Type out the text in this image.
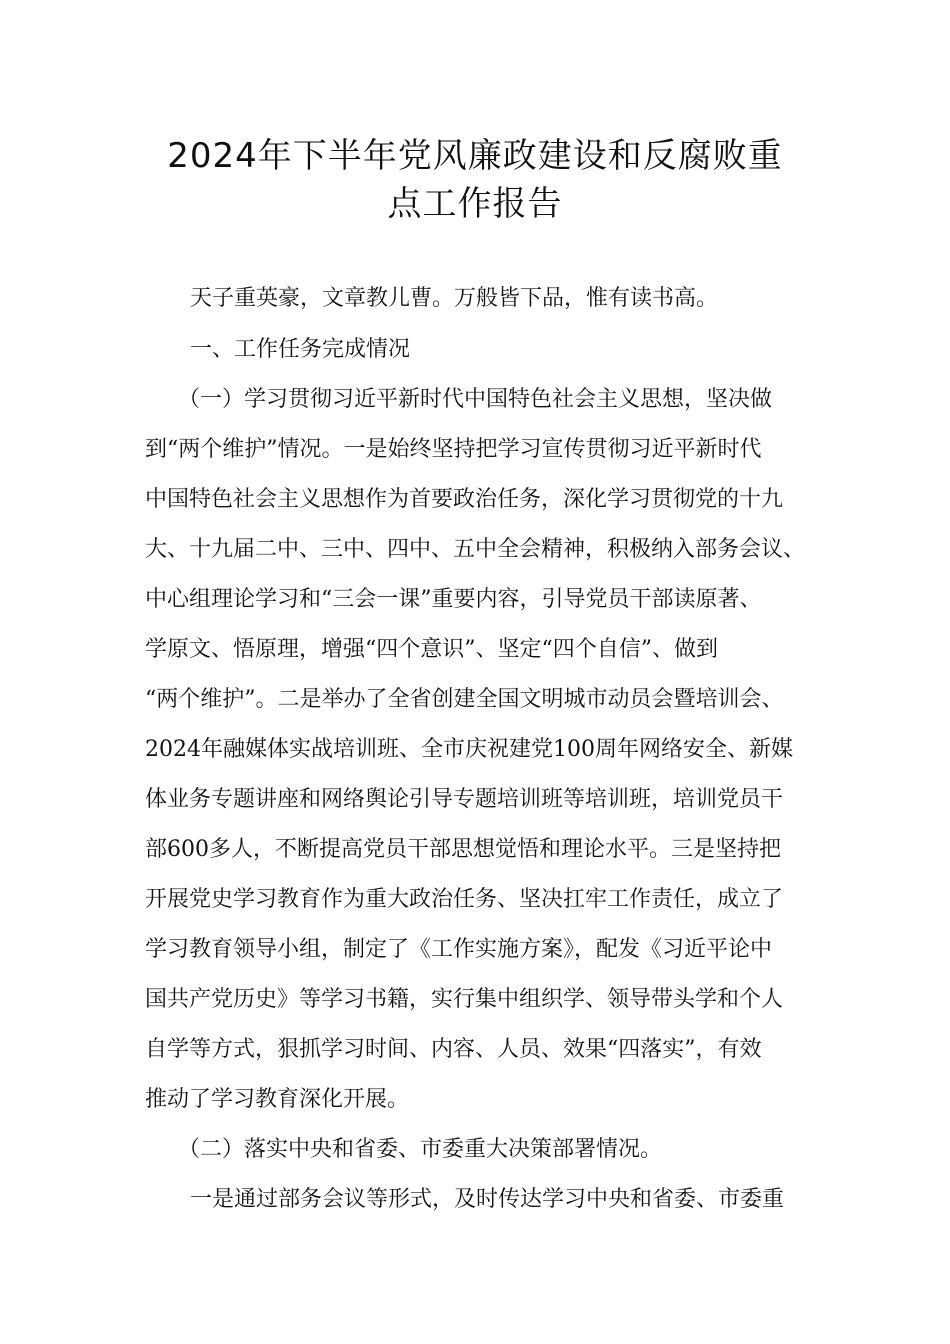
2024年下半年党风廉政建设和反腐败重
点工作报告
天子重英豪，文章教儿曹。万般皆下品，惟有读书高。
一、工作任务完成情况
（一）学习贯彻习近平新时代中国特色社会主义思想，坚决做
到“两个维护”情况。一是始终坚持把学习宣传贯彻习近平新时代
中国特色社会主义思想作为首要政治任务，深化学习贯彻党的十九
大、十九届二中、三中、四中、五中全会精神，积极纳入部务会议、
中心组理论学习和“三会一课”重要内容，引导党员干部读原著、
学原文、悟原理，增强“四个意识”、坚定“四个自信”、做到
“两个维护”。二是举办了全省创建全国文明城市动员会暨培训会、
2024年融媒体实战培训班、全市庆祝建党100周年网络安全、新媒
体业务专题讲座和网络舆论引导专题培训班等培训班，培训党员干
部600多人，不断提高党员干部思想觉悟和理论水平。三是坚持把
开展党史学习教育作为重大政治任务、坚决扛牢工作责任，成立了
学习教育领导小组，制定了《工作实施方案》，配发《习近平论中
国共产党历史》等学习书籍，实行集中组织学、领导带头学和个人
自学等方式，狠抓学习时间、内容、人员、效果“四落实”，有效
推动了学习教育深化开展。
（二）落实中央和省委、市委重大决策部署情况。
一是通过部务会议等形式，及时传达学习中央和省委、市委重
